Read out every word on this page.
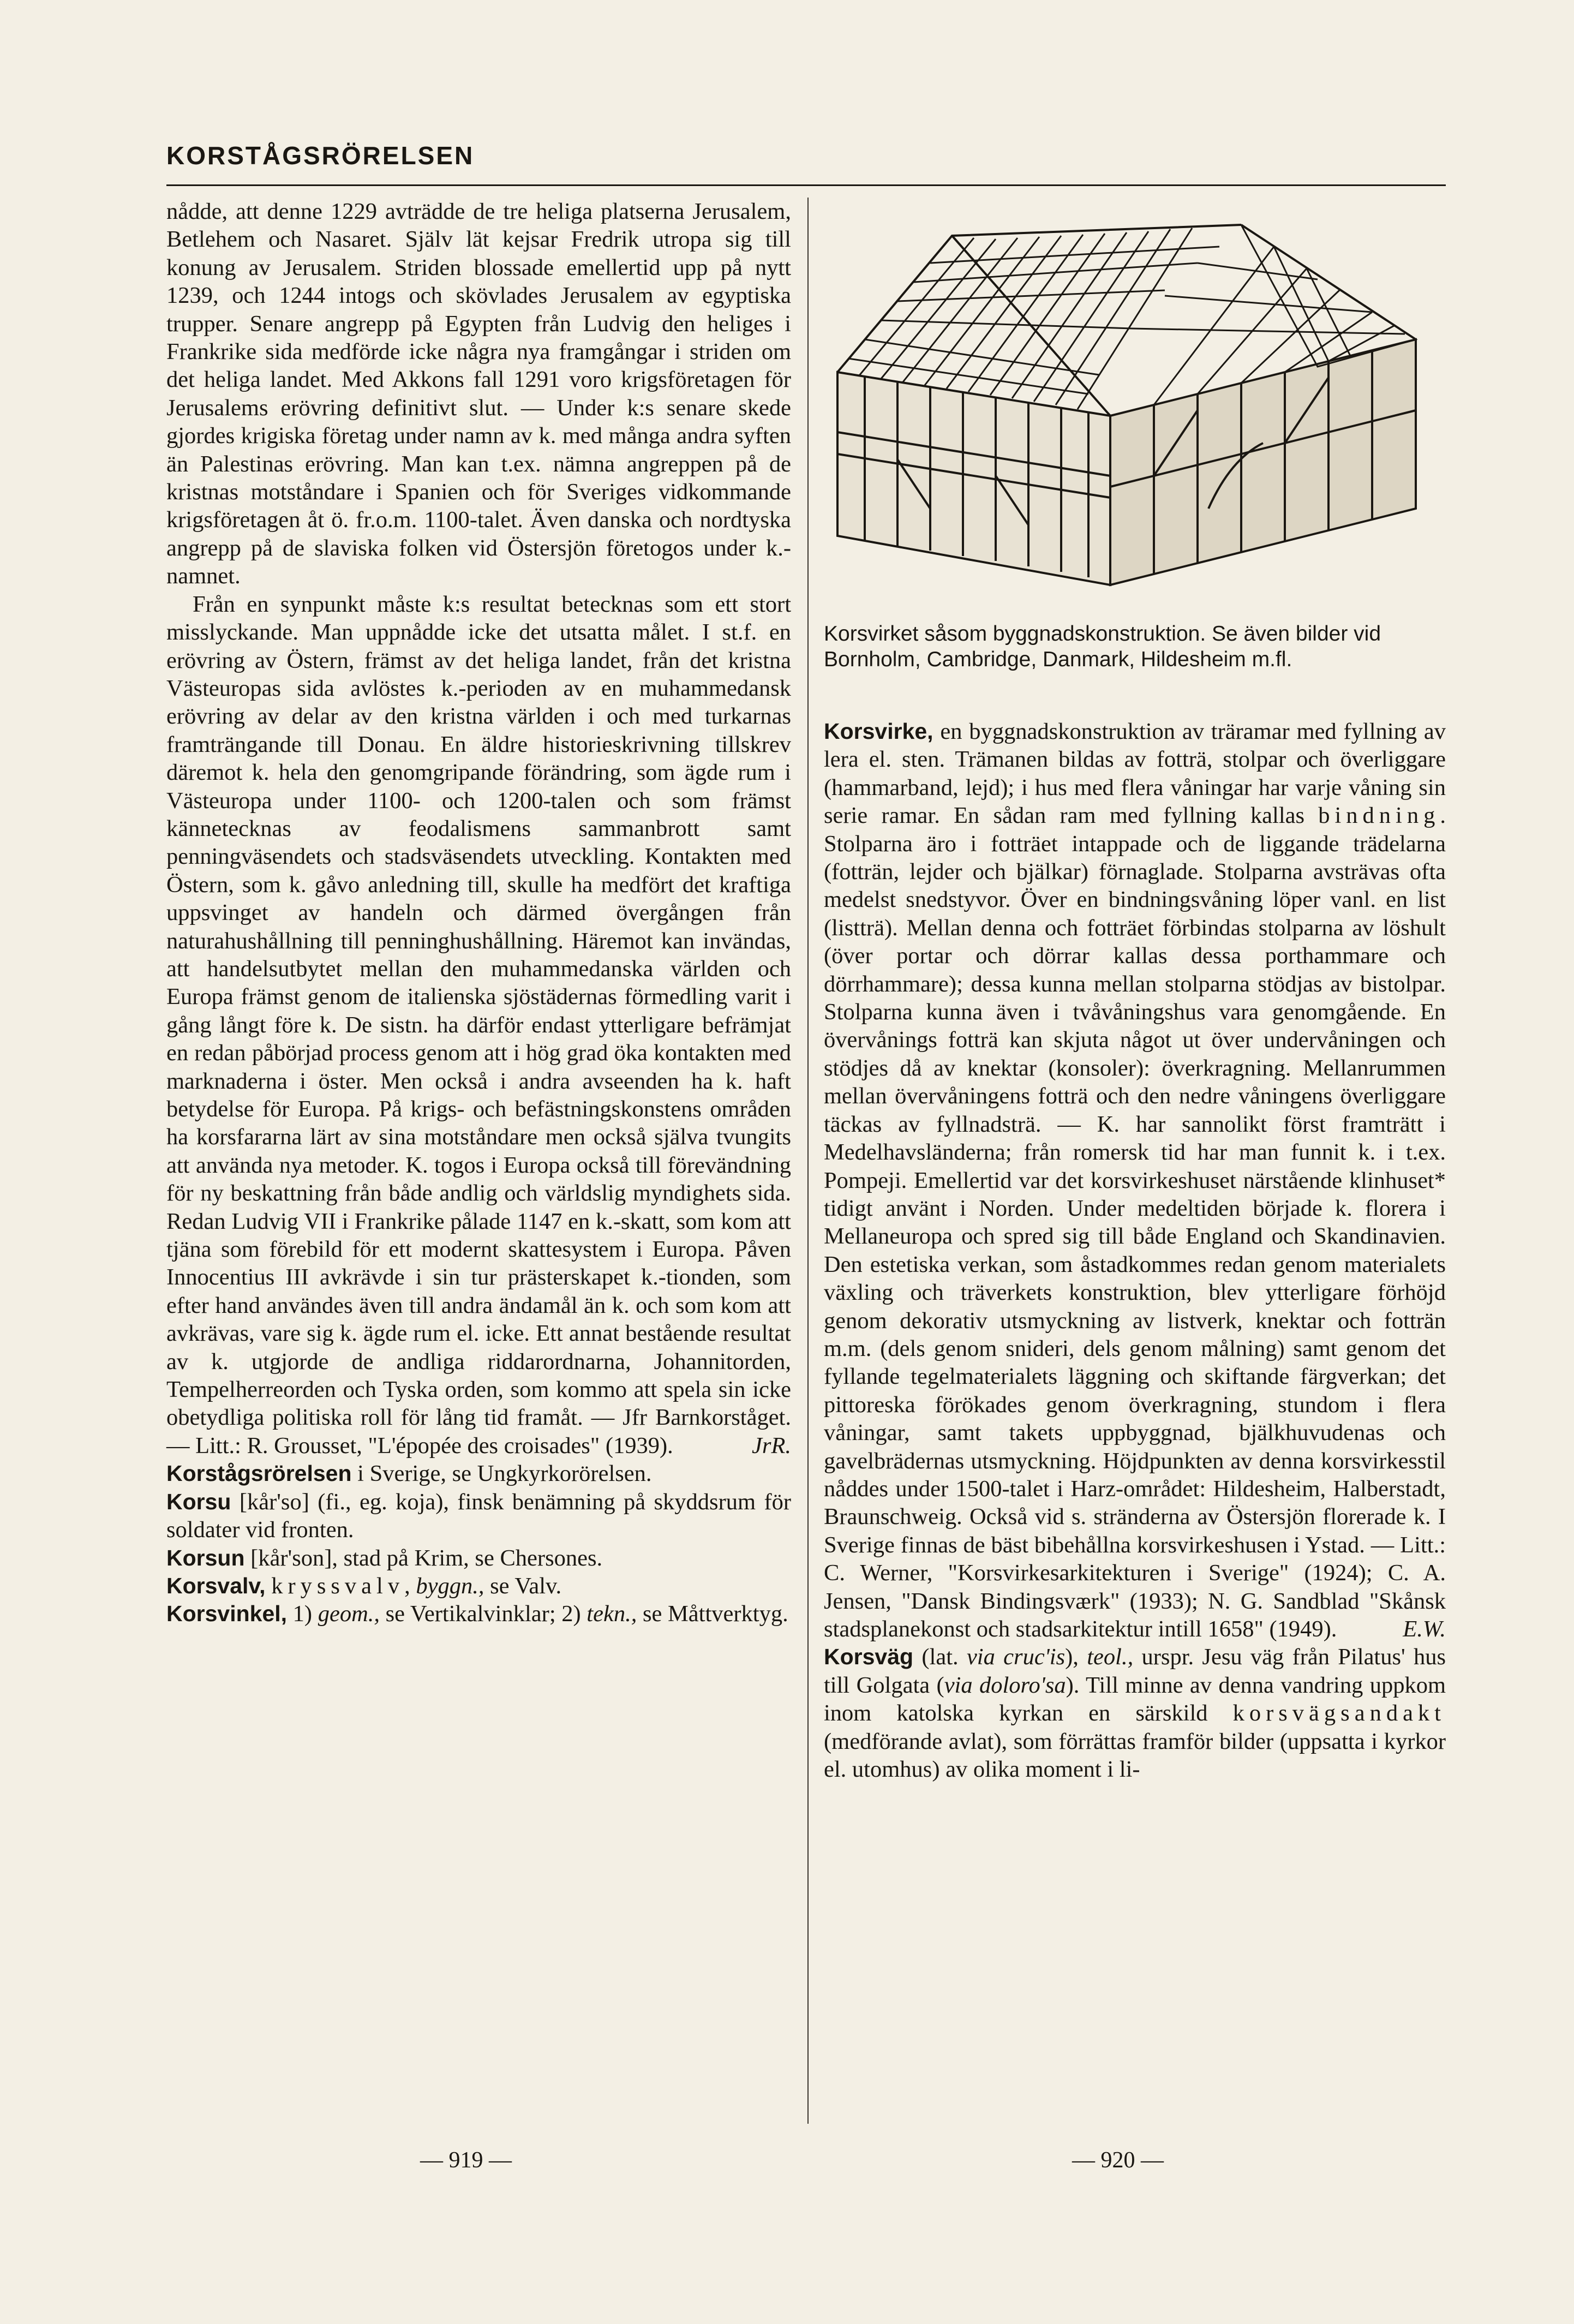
KORSTÅGSRÖRELSEN

nådde, att denne 1229 avträdde de tre heliga platserna Jerusalem, Betlehem och Nasaret. Själv lät kejsar Fredrik utropa sig till konung av Jerusalem. Striden blossade emellertid upp på nytt 1239, och 1244 intogs och skövlades Jerusalem av egyptiska trupper. Senare angrepp på Egypten från Ludvig den heliges i Frankrike sida medförde icke några nya framgångar i striden om det heliga landet. Med Akkons fall 1291 voro krigsföretagen för Jerusalems erövring definitivt slut. — Under k:s senare skede gjordes krigiska företag under namn av k. med många andra syften än Palestinas erövring. Man kan t.ex. nämna angreppen på de kristnas motståndare i Spanien och för Sveriges vidkommande krigsföretagen åt ö. fr.o.m. 1100-talet. Även danska och nordtyska angrepp på de slaviska folken vid Östersjön företogos under k.-namnet.

Från en synpunkt måste k:s resultat betecknas som ett stort misslyckande. Man uppnådde icke det utsatta målet. I st.f. en erövring av Östern, främst av det heliga landet, från det kristna Västeuropas sida avlöstes k.-perioden av en muhammedansk erövring av delar av den kristna världen i och med turkarnas framträngande till Donau. En äldre historieskrivning tillskrev däremot k. hela den genomgripande förändring, som ägde rum i Västeuropa under 1100- och 1200-talen och som främst kännetecknas av feodalismens sammanbrott samt penningväsendets och stadsväsendets utveckling. Kontakten med Östern, som k. gåvo anledning till, skulle ha medfört det kraftiga uppsvinget av handeln och därmed övergången från naturahushållning till penninghushållning. Häremot kan invändas, att handelsutbytet mellan den muhammedanska världen och Europa främst genom de italienska sjöstädernas förmedling varit i gång långt före k. De sistn. ha därför endast ytterligare befrämjat en redan påbörjad process genom att i hög grad öka kontakten med marknaderna i öster. Men också i andra avseenden ha k. haft betydelse för Europa. På krigs- och befästningskonstens områden ha korsfararna lärt av sina motståndare men också själva tvungits att använda nya metoder. K. togos i Europa också till förevändning för ny beskattning från både andlig och världslig myndighets sida. Redan Ludvig VII i Frankrike pålade 1147 en k.-skatt, som kom att tjäna som förebild för ett modernt skattesystem i Europa. Påven Innocentius III avkrävde i sin tur prästerskapet k.-tionden, som efter hand användes även till andra ändamål än k. och som kom att avkrävas, vare sig k. ägde rum el. icke. Ett annat bestående resultat av k. utgjorde de andliga riddarordnarna, Johannitorden, Tempelherreorden och Tyska orden, som kommo att spela sin icke obetydliga politiska roll för lång tid framåt. — Jfr Barnkorståget. — Litt.: R. Grousset, "L'épopée des croisades" (1939).	JrR.

Korstågsrörelsen i Sverige, se Ungkyrkorörelsen.

Korsu [kår'so] (fi., eg. koja), finsk benämning på skyddsrum för soldater vid fronten.

Korsun [kår'son], stad på Krim, se Chersones.

Korsvalv, kryssvalv, byggn., se Valv.

Korsvinkel, 1) geom., se Vertikalvinklar; 2) tekn., se Måttverktyg.

Korsvirket såsom byggnadskonstruktion. Se även bilder vid Bornholm, Cambridge, Danmark, Hildesheim m.fl.

Korsvirke, en byggnadskonstruktion av träramar med fyllning av lera el. sten. Trämanen bildas av fotträ, stolpar och överliggare (hammarband, lejd); i hus med flera våningar har varje våning sin serie ramar. En sådan ram med fyllning kallas bindning. Stolparna äro i fotträet intappade och de liggande trädelarna (fotträn, lejder och bjälkar) förnaglade. Stolparna avsträvas ofta medelst snedstyvor. Över en bindningsvåning löper vanl. en list (listträ). Mellan denna och fotträet förbindas stolparna av löshult (över portar och dörrar kallas dessa porthammare och dörrhammare); dessa kunna mellan stolparna stödjas av bistolpar. Stolparna kunna även i tvåvåningshus vara genomgående. En övervånings fotträ kan skjuta något ut över undervåningen och stödjes då av knektar (konsoler): överkragning. Mellanrummen mellan övervåningens fotträ och den nedre våningens överliggare täckas av fyllnadsträ. — K. har sannolikt först framträtt i Medelhavsländerna; från romersk tid har man funnit k. i t.ex. Pompeji. Emellertid var det korsvirkeshuset närstående klinhuset* tidigt använt i Norden. Under medeltiden började k. florera i Mellaneuropa och spred sig till både England och Skandinavien. Den estetiska verkan, som åstadkommes redan genom materialets växling och träverkets konstruktion, blev ytterligare förhöjd genom dekorativ utsmyckning av listverk, knektar och fotträn m.m. (dels genom snideri, dels genom målning) samt genom det fyllande tegelmaterialets läggning och skiftande färgverkan; det pittoreska förökades genom överkragning, stundom i flera våningar, samt takets uppbyggnad, bjälkhuvudenas och gavelbrädernas utsmyckning. Höjdpunkten av denna korsvirkesstil nåddes under 1500-talet i Harz-området: Hildesheim, Halberstadt, Braunschweig. Också vid s. stränderna av Östersjön florerade k. I Sverige finnas de bäst bibehållna korsvirkeshusen i Ystad. — Litt.: C. Werner, "Korsvirkesarkitekturen i Sverige" (1924); C. A. Jensen, "Dansk Bindingsværk" (1933); N. G. Sandblad "Skånsk stadsplanekonst och stadsarkitektur intill 1658" (1949).	E.W.

Korsväg (lat. via cruc'is), teol., urspr. Jesu väg från Pilatus' hus till Golgata (via doloro'sa). Till minne av denna vandring uppkom inom katolska kyrkan en särskild korsvägsandakt (medförande avlat), som förrättas framför bilder (uppsatta i kyrkor el. utomhus) av olika moment i li-

— 919 —	— 920 —
